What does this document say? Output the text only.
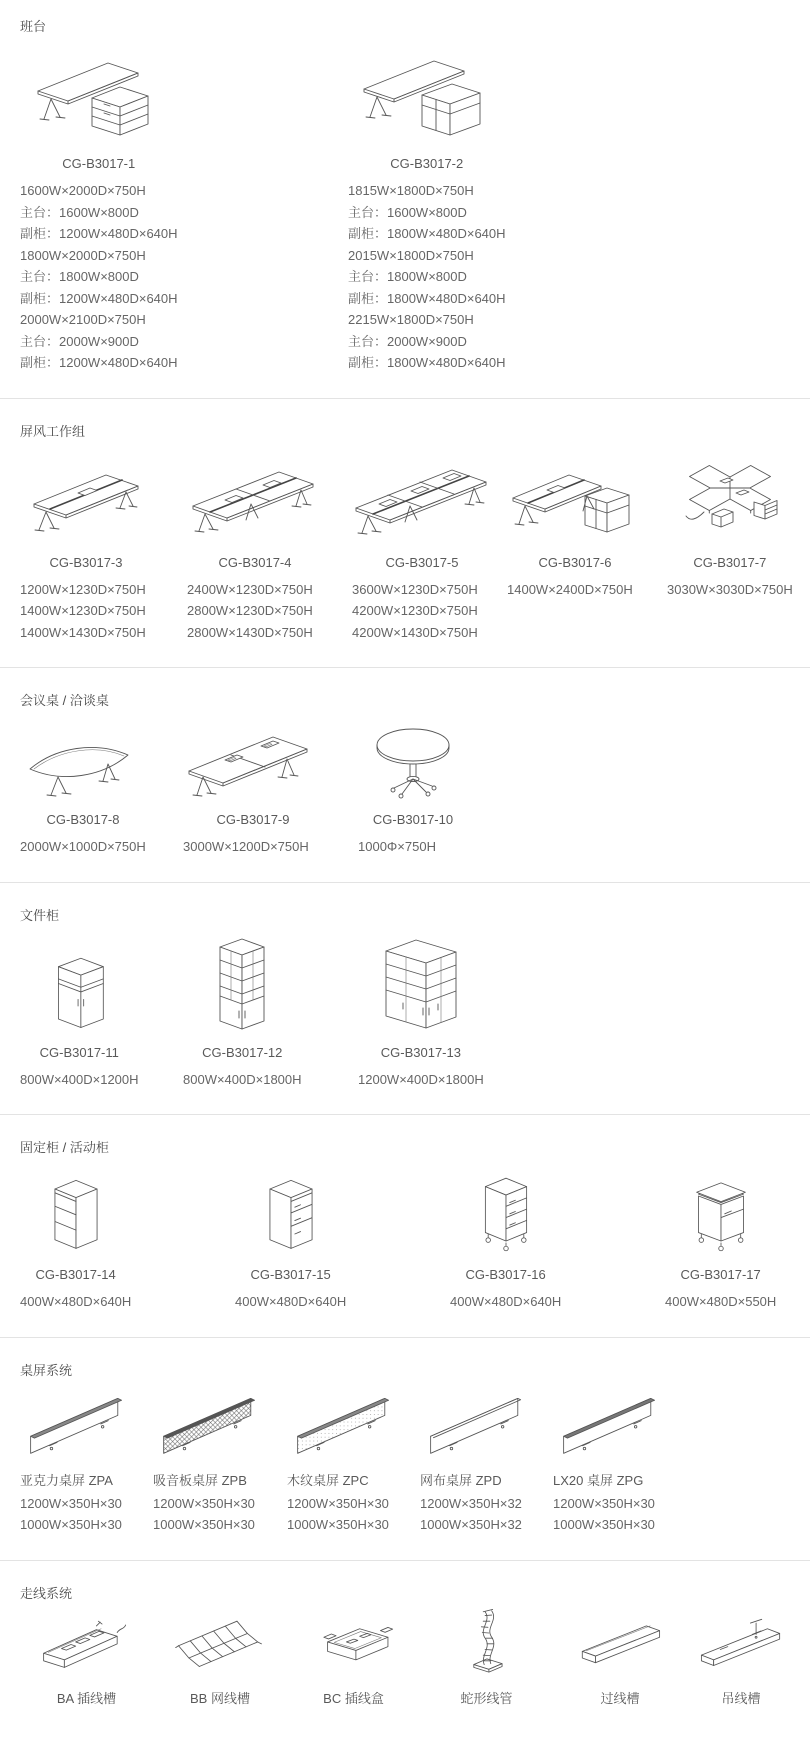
班台
CG-B3017-1
1600W×2000D×750H
主台：1600W×800D
副柜：1200W×480D×640H
1800W×2000D×750H
主台：1800W×800D
副柜：1200W×480D×640H
2000W×2100D×750H
主台：2000W×900D
副柜：1200W×480D×640H
CG-B3017-2
1815W×1800D×750H
主台：1600W×800D
副柜：1800W×480D×640H
2015W×1800D×750H
主台：1800W×800D
副柜：1800W×480D×640H
2215W×1800D×750H
主台：2000W×900D
副柜：1800W×480D×640H
屏风工作组
CG-B3017-3
1200W×1230D×750H
1400W×1230D×750H
1400W×1430D×750H
CG-B3017-4
2400W×1230D×750H
2800W×1230D×750H
2800W×1430D×750H
CG-B3017-5
3600W×1230D×750H
4200W×1230D×750H
4200W×1430D×750H
CG-B3017-6
1400W×2400D×750H
CG-B3017-7
3030W×3030D×750H
会议桌 / 洽谈桌
CG-B3017-8
2000W×1000D×750H
CG-B3017-9
3000W×1200D×750H
CG-B3017-10
1000Φ×750H
文件柜
CG-B3017-11
800W×400D×1200H
CG-B3017-12
800W×400D×1800H
CG-B3017-13
1200W×400D×1800H
固定柜 / 活动柜
CG-B3017-14
400W×480D×640H
CG-B3017-15
400W×480D×640H
CG-B3017-16
400W×480D×640H
CG-B3017-17
400W×480D×550H
桌屏系统
亚克力桌屏 ZPA
1200W×350H×30
1000W×350H×30
吸音板桌屏 ZPB
1200W×350H×30
1000W×350H×30
木纹桌屏 ZPC
1200W×350H×30
1000W×350H×30
网布桌屏 ZPD
1200W×350H×32
1000W×350H×32
LX20 桌屏 ZPG
1200W×350H×30
1000W×350H×30
走线系统
BA 插线槽	BB 网线槽	BC 插线盒	蛇形线管	过线槽	吊线槽
